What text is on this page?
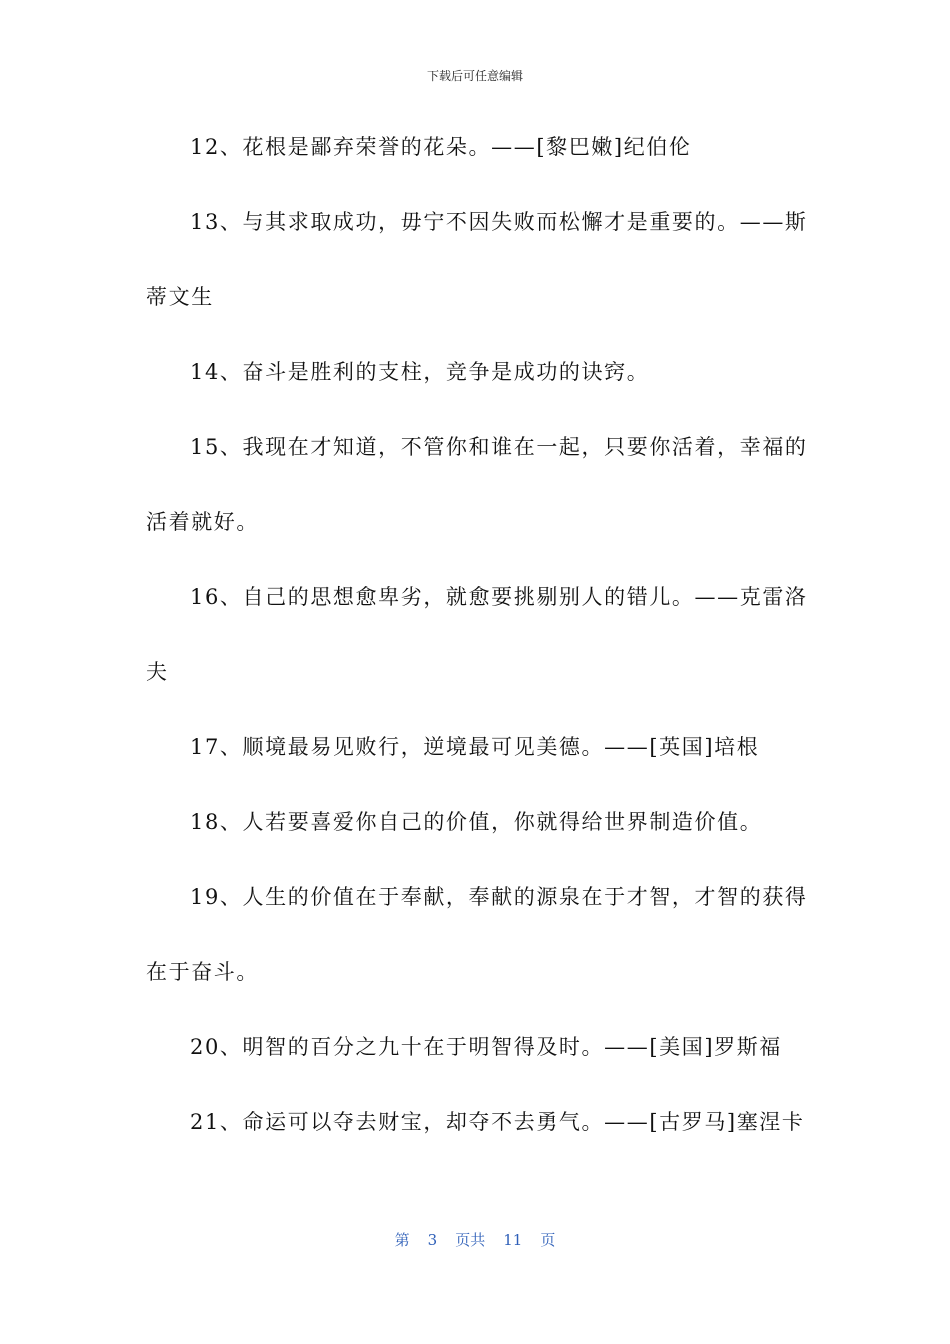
下载后可任意编辑
12、花根是鄙弃荣誉的花朵。——[黎巴嫩]纪伯伦
13、与其求取成功，毋宁不因失败而松懈才是重要的。——斯
蒂文生
14、奋斗是胜利的支柱，竞争是成功的诀窍。
15、我现在才知道，不管你和谁在一起，只要你活着，幸福的
活着就好。
16、自己的思想愈卑劣，就愈要挑剔别人的错儿。——克雷洛
夫
17、顺境最易见败行，逆境最可见美德。——[英国]培根
18、人若要喜爱你自己的价值，你就得给世界制造价值。
19、人生的价值在于奉献，奉献的源泉在于才智，才智的获得
在于奋斗。
20、明智的百分之九十在于明智得及时。——[美国]罗斯福
21、命运可以夺去财宝，却夺不去勇气。——[古罗马]塞涅卡
第 3 页共 11 页
